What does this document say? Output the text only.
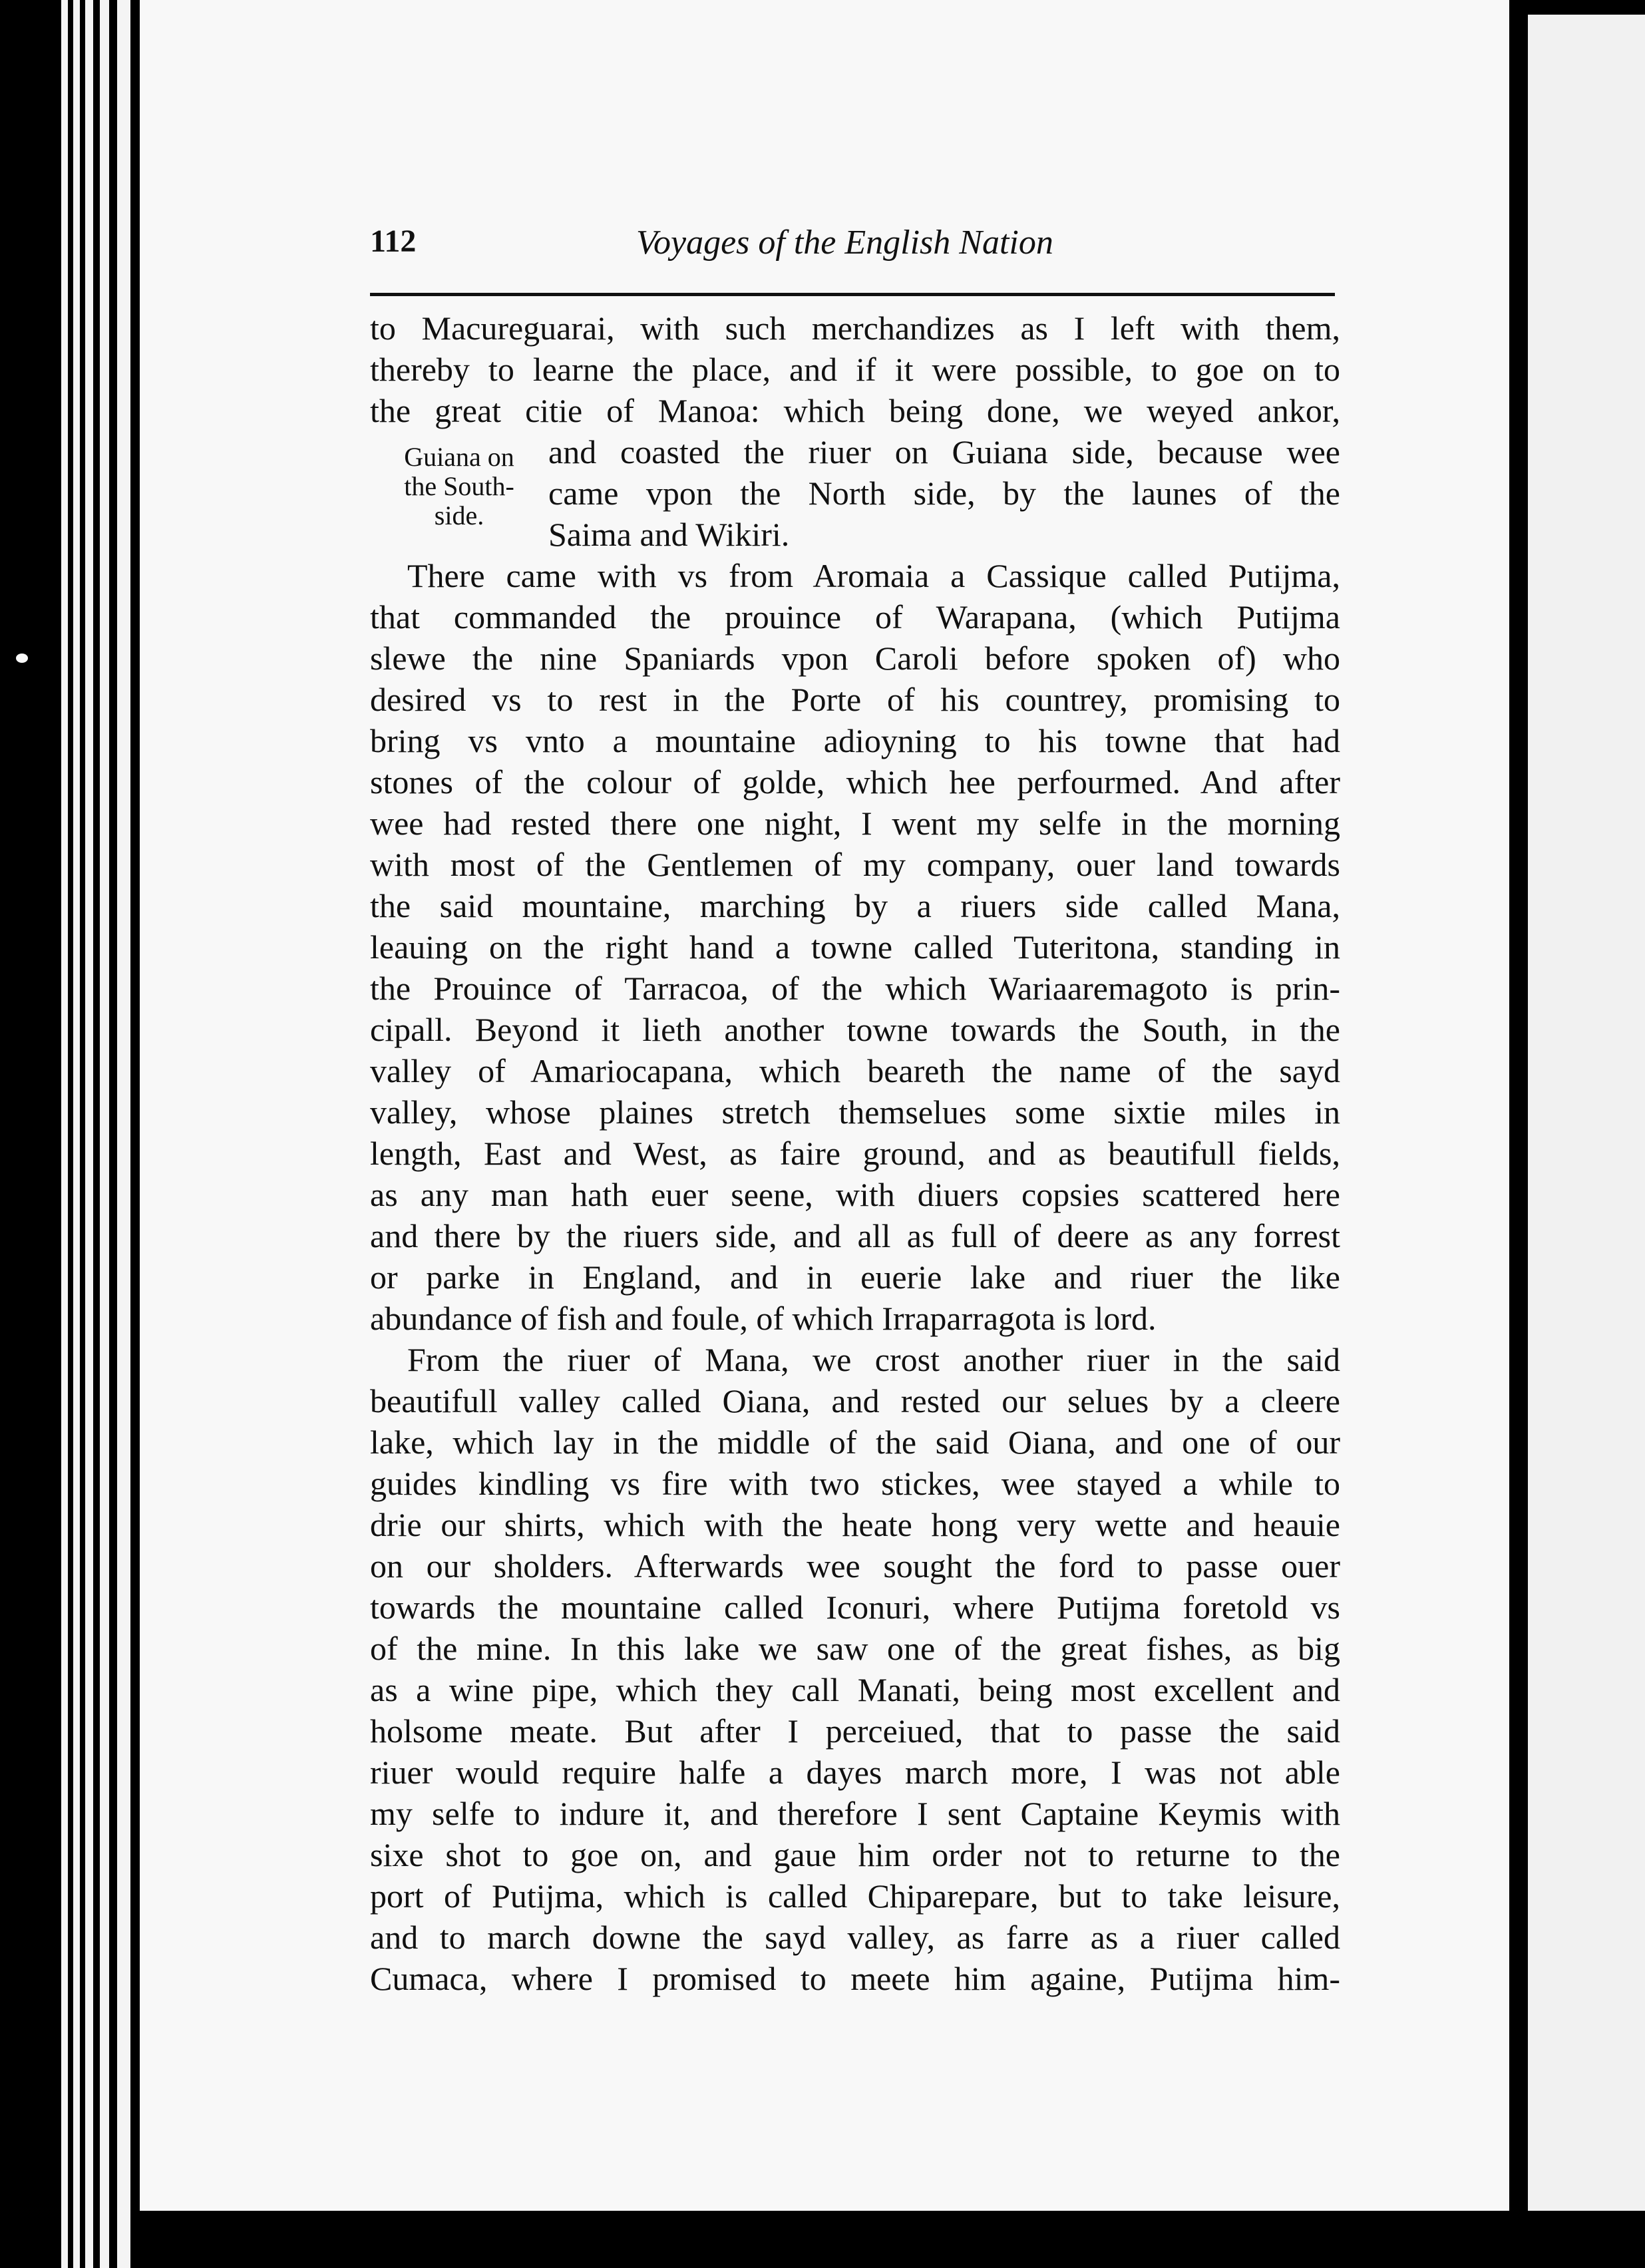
112	Voyages of the English Nation
Guiana on
the South-
side.
to Macureguarai, with such merchandizes as I left with them,
thereby to learne the place, and if it were possible, to goe on to
the great citie of Manoa: which being done, we weyed ankor,
and coasted the riuer on Guiana side, because wee
came vpon the North side, by the launes of the
Saima and Wikiri.
There came with vs from Aromaia a Cassique called Putijma,
that commanded the prouince of Warapana, (which Putijma
slewe the nine Spaniards vpon Caroli before spoken of) who
desired vs to rest in the Porte of his countrey, promising to
bring vs vnto a mountaine adioyning to his towne that had
stones of the colour of golde, which hee perfourmed. And after
wee had rested there one night, I went my selfe in the morning
with most of the Gentlemen of my company, ouer land towards
the said mountaine, marching by a riuers side called Mana,
leauing on the right hand a towne called Tuteritona, standing in
the Prouince of Tarracoa, of the which Wariaaremagoto is prin-
cipall. Beyond it lieth another towne towards the South, in the
valley of Amariocapana, which beareth the name of the sayd
valley, whose plaines stretch themselues some sixtie miles in
length, East and West, as faire ground, and as beautifull fields,
as any man hath euer seene, with diuers copsies scattered here
and there by the riuers side, and all as full of deere as any forrest
or parke in England, and in euerie lake and riuer the like
abundance of fish and foule, of which Irraparragota is lord.
From the riuer of Mana, we crost another riuer in the said
beautifull valley called Oiana, and rested our selues by a cleere
lake, which lay in the middle of the said Oiana, and one of our
guides kindling vs fire with two stickes, wee stayed a while to
drie our shirts, which with the heate hong very wette and heauie
on our sholders. Afterwards wee sought the ford to passe ouer
towards the mountaine called Iconuri, where Putijma foretold vs
of the mine. In this lake we saw one of the great fishes, as big
as a wine pipe, which they call Manati, being most excellent and
holsome meate. But after I perceiued, that to passe the said
riuer would require halfe a dayes march more, I was not able
my selfe to indure it, and therefore I sent Captaine Keymis with
sixe shot to goe on, and gaue him order not to returne to the
port of Putijma, which is called Chiparepare, but to take leisure,
and to march downe the sayd valley, as farre as a riuer called
Cumaca, where I promised to meete him againe, Putijma him-
